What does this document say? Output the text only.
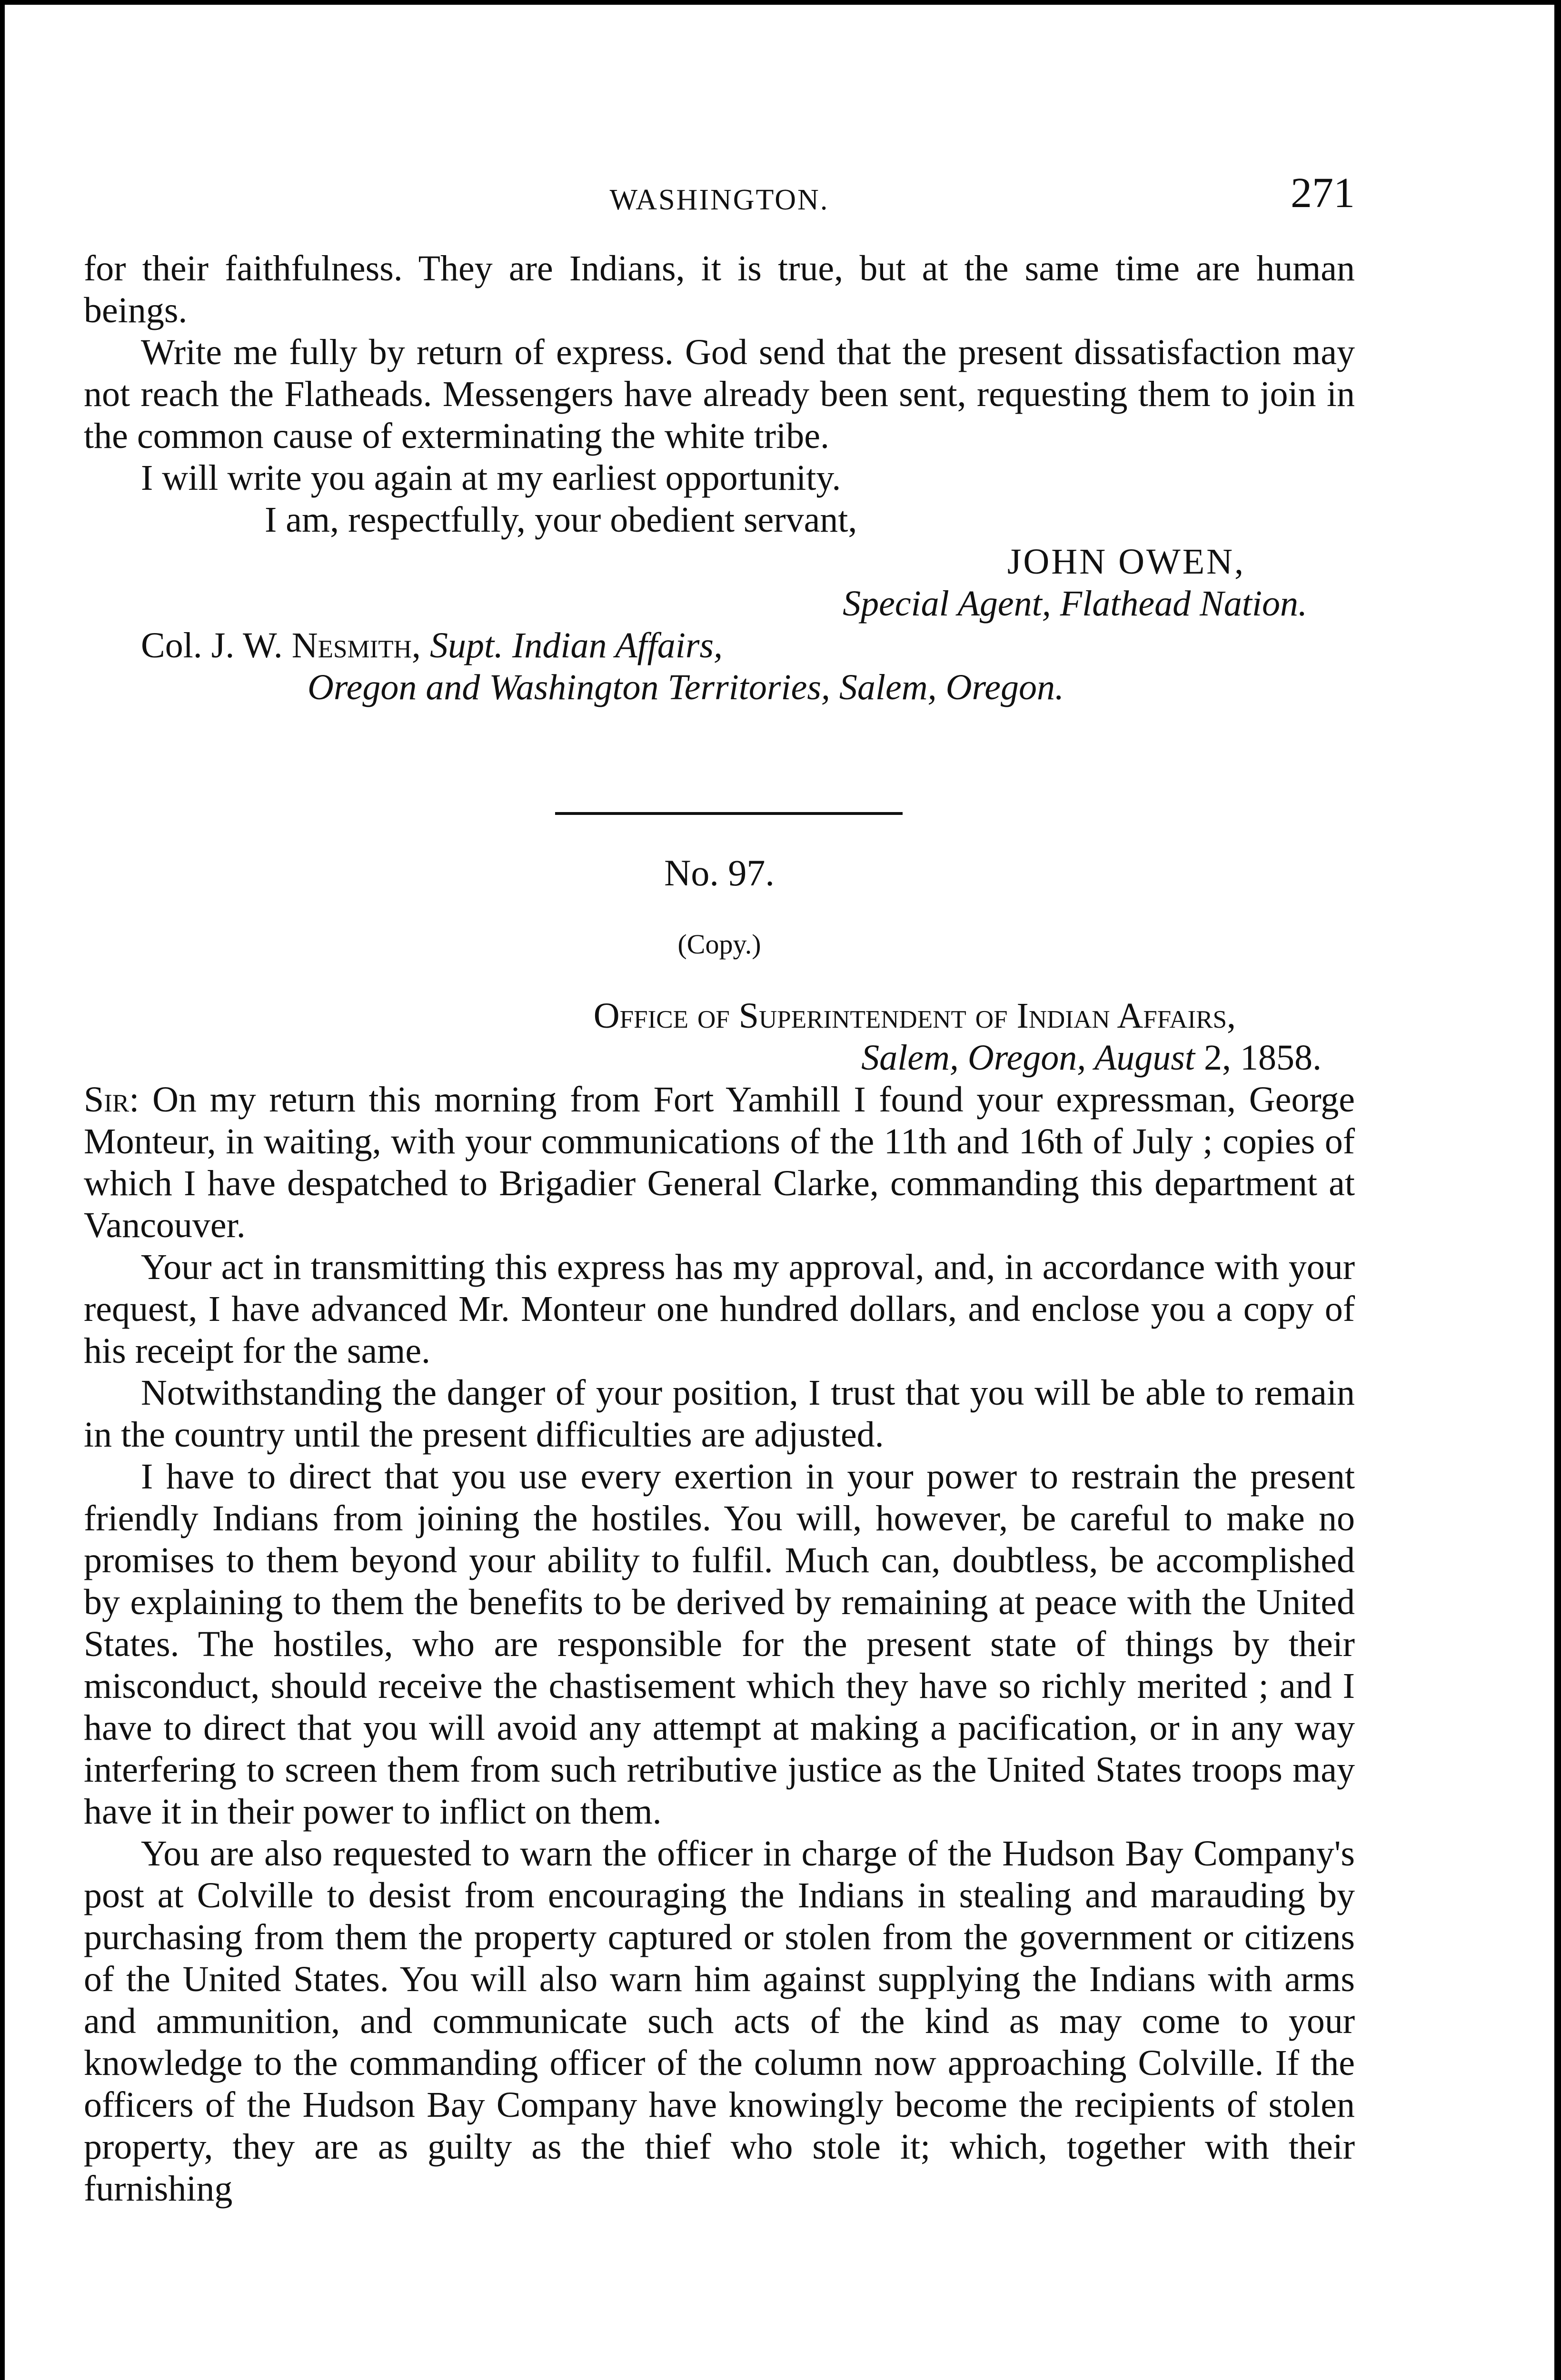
WASHINGTON.	271

for their faithfulness. They are Indians, it is true, but at the same time are human beings.

Write me fully by return of express. God send that the present dissatisfaction may not reach the Flatheads. Messengers have already been sent, requesting them to join in the common cause of exterminating the white tribe.

I will write you again at my earliest opportunity.

I am, respectfully, your obedient servant,

JOHN OWEN,

Special Agent, Flathead Nation.

Col. J. W. Nesmith, Supt. Indian Affairs,

Oregon and Washington Territories, Salem, Oregon.

No. 97.
(Copy.)

Office of Superintendent of Indian Affairs,

Salem, Oregon, August 2, 1858.

Sir: On my return this morning from Fort Yamhill I found your expressman, George Monteur, in waiting, with your communications of the 11th and 16th of July ; copies of which I have despatched to Brigadier General Clarke, commanding this department at Vancouver.

Your act in transmitting this express has my approval, and, in accordance with your request, I have advanced Mr. Monteur one hundred dollars, and enclose you a copy of his receipt for the same.

Notwithstanding the danger of your position, I trust that you will be able to remain in the country until the present difficulties are adjusted.

I have to direct that you use every exertion in your power to restrain the present friendly Indians from joining the hostiles. You will, however, be careful to make no promises to them beyond your ability to fulfil. Much can, doubtless, be accomplished by explaining to them the benefits to be derived by remaining at peace with the United States. The hostiles, who are responsible for the present state of things by their misconduct, should receive the chastisement which they have so richly merited ; and I have to direct that you will avoid any attempt at making a pacification, or in any way interfering to screen them from such retributive justice as the United States troops may have it in their power to inflict on them.

You are also requested to warn the officer in charge of the Hudson Bay Company's post at Colville to desist from encouraging the Indians in stealing and marauding by purchasing from them the property captured or stolen from the government or citizens of the United States. You will also warn him against supplying the Indians with arms and ammunition, and communicate such acts of the kind as may come to your knowledge to the commanding officer of the column now approaching Colville. If the officers of the Hudson Bay Company have knowingly become the recipients of stolen property, they are as guilty as the thief who stole it; which, together with their furnishing
